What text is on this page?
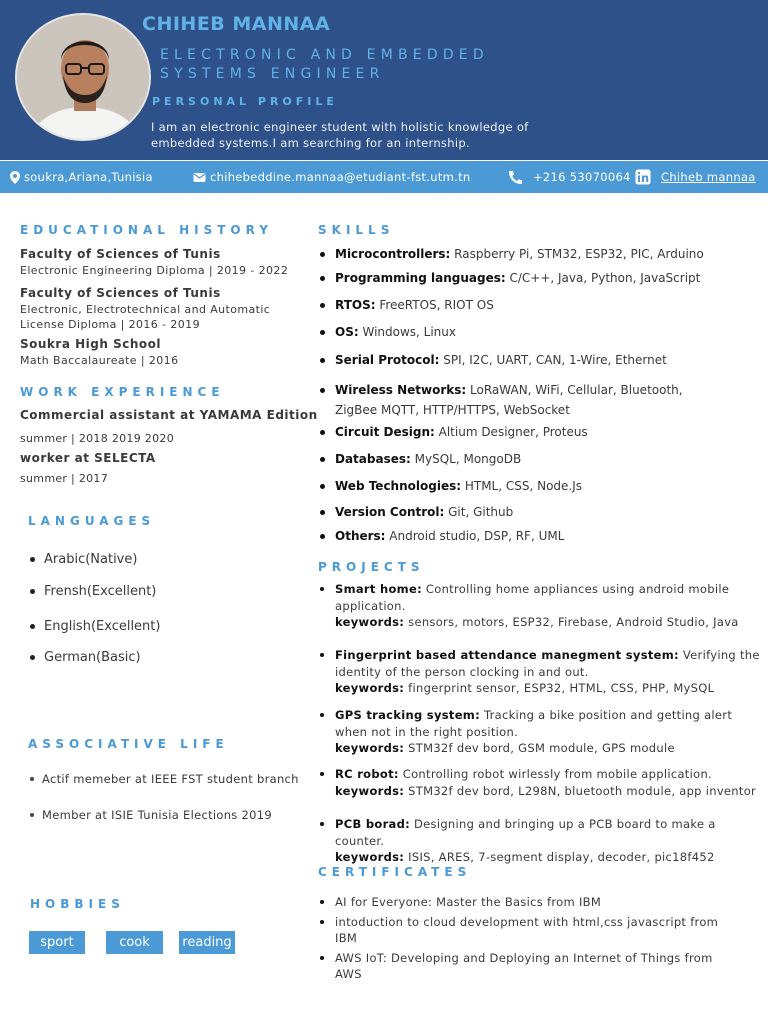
CHIHEB MANNAA
ELECTRONIC AND EMBEDDED SYSTEMS ENGINEER
PERSONAL PROFILE
I am an electronic engineer student with holistic knowledge of embedded systems.I am searching for an internship.
soukra,Ariana,Tunisia	chihebeddine.mannaa@etudiant-fst.utm.tn	+216 53070064	Chiheb mannaa
EDUCATIONAL HISTORY
Faculty of Sciences of Tunis
Electronic Engineering Diploma | 2019 - 2022
Faculty of Sciences of Tunis
Electronic, Electrotechnical and Automatic License Diploma | 2016 - 2019
Soukra High School
Math Baccalaureate | 2016
WORK EXPERIENCE
Commercial assistant at YAMAMA Edition
summer | 2018 2019 2020
worker at SELECTA
summer | 2017
LANGUAGES
Arabic(Native)
Frensh(Excellent)
English(Excellent)
German(Basic)
ASSOCIATIVE LIFE
Actif memeber at IEEE FST student branch
Member at ISIE Tunisia Elections 2019
HOBBIES
sport	cook	reading
SKILLS
Microcontrollers: Raspberry Pi, STM32, ESP32, PIC, Arduino
Programming languages: C/C++, Java, Python, JavaScript
RTOS: FreeRTOS, RIOT OS
OS: Windows, Linux
Serial Protocol: SPI, I2C, UART, CAN, 1-Wire, Ethernet
Wireless Networks: LoRaWAN, WiFi, Cellular, Bluetooth, ZigBee MQTT, HTTP/HTTPS, WebSocket
Circuit Design: Altium Designer, Proteus
Databases: MySQL, MongoDB
Web Technologies: HTML, CSS, Node.Js
Version Control: Git, Github
Others: Android studio, DSP, RF, UML
PROJECTS
Smart home: Controlling home appliances using android mobile application.
keywords: sensors, motors, ESP32, Firebase, Android Studio, Java
Fingerprint based attendance manegment system: Verifying the identity of the person clocking in and out.
keywords: fingerprint sensor, ESP32, HTML, CSS, PHP, MySQL
GPS tracking system: Tracking a bike position and getting alert when not in the right position.
keywords: STM32f dev bord, GSM module, GPS module
RC robot: Controlling robot wirlessly from mobile application.
keywords: STM32f dev bord, L298N, bluetooth module, app inventor
PCB borad: Designing and bringing up a PCB board to make a counter.
keywords: ISIS, ARES, 7-segment display, decoder, pic18f452
CERTIFICATES
AI for Everyone: Master the Basics from IBM
intoduction to cloud development with html,css javascript from IBM
AWS IoT: Developing and Deploying an Internet of Things from AWS
